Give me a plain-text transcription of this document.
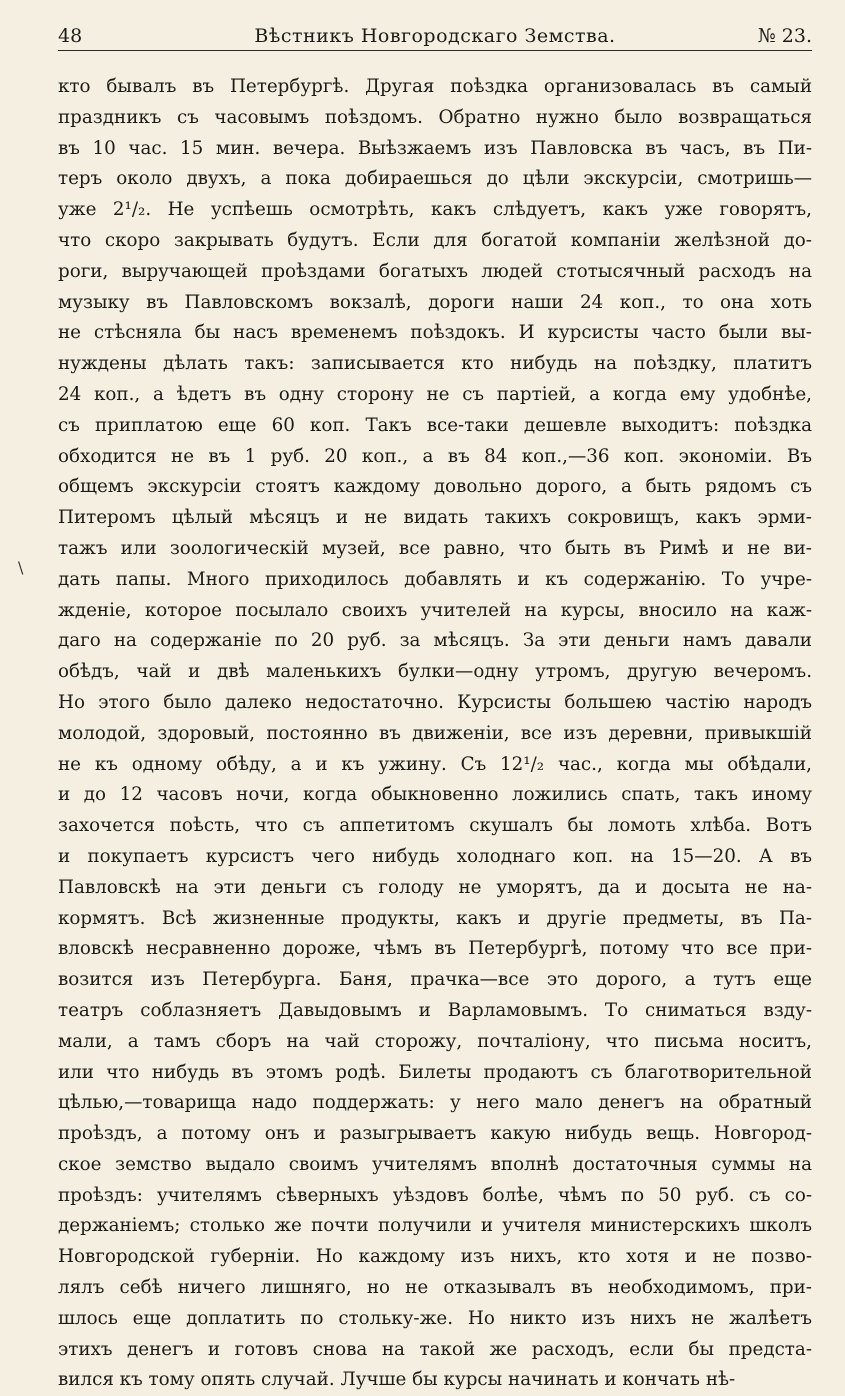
48	Вѣстникъ Новгородскаго Земства.	№ 23.
\
кто бывалъ въ Петербургѣ. Другая поѣздка организовалась въ самый
праздникъ съ часовымъ поѣздомъ. Обратно нужно было возвращаться
въ 10 час. 15 мин. вечера. Выѣзжаемъ изъ Павловска въ часъ, въ Пи-
теръ около двухъ, а пока добираешься до цѣли экскурсіи, смотришь—
уже 2¹/₂. Не успѣешь осмотрѣть, какъ слѣдуетъ, какъ уже говорятъ,
что скоро закрывать будутъ. Если для богатой компаніи желѣзной до-
роги, выручающей проѣздами богатыхъ людей стотысячный расходъ на
музыку въ Павловскомъ вокзалѣ, дороги наши 24 коп., то она хоть
не стѣсняла бы насъ временемъ поѣздокъ. И курсисты часто были вы-
нуждены дѣлать такъ: записывается кто нибудь на поѣздку, платитъ
24 коп., а ѣдетъ въ одну сторону не съ партіей, а когда ему удобнѣе,
съ приплатою еще 60 коп. Такъ все-таки дешевле выходитъ: поѣздка
обходится не въ 1 руб. 20 коп., а въ 84 коп.,—36 коп. экономіи. Въ
общемъ экскурсіи стоятъ каждому довольно дорого, а быть рядомъ съ
Питеромъ цѣлый мѣсяцъ и не видать такихъ сокровищъ, какъ эрми-
тажъ или зоологическій музей, все равно, что быть въ Римѣ и не ви-
дать папы. Много приходилось добавлять и къ содержанію. То учре-
жденіе, которое посылало своихъ учителей на курсы, вносило на каж-
даго на содержаніе по 20 руб. за мѣсяцъ. За эти деньги намъ давали
обѣдъ, чай и двѣ маленькихъ булки—одну утромъ, другую вечеромъ.
Но этого было далеко недостаточно. Курсисты большею частію народъ
молодой, здоровый, постоянно въ движеніи, все изъ деревни, привыкшій
не къ одному обѣду, а и къ ужину. Съ 12¹/₂ час., когда мы обѣдали,
и до 12 часовъ ночи, когда обыкновенно ложились спать, такъ иному
захочется поѣсть, что съ аппетитомъ скушалъ бы ломоть хлѣба. Вотъ
и покупаетъ курсистъ чего нибудь холоднаго коп. на 15—20. А въ
Павловскѣ на эти деньги съ голоду не уморятъ, да и досыта не на-
кормятъ. Всѣ жизненные продукты, какъ и другіе предметы, въ Па-
вловскѣ несравненно дороже, чѣмъ въ Петербургѣ, потому что все при-
возится изъ Петербурга. Баня, прачка—все это дорого, а тутъ еще
театръ соблазняетъ Давыдовымъ и Варламовымъ. То сниматься взду-
мали, а тамъ сборъ на чай сторожу, почталіону, что письма носитъ,
или что нибудь въ этомъ родѣ. Билеты продаютъ съ благотворительной
цѣлью,—товарища надо поддержать: у него мало денегъ на обратный
проѣздъ, а потому онъ и разыгрываетъ какую нибудь вещь. Новгород-
ское земство выдало своимъ учителямъ вполнѣ достаточныя суммы на
проѣздъ: учителямъ сѣверныхъ уѣздовъ болѣе, чѣмъ по 50 руб. съ со-
держаніемъ; столько же почти получили и учителя министерскихъ школъ
Новгородской губерніи. Но каждому изъ нихъ, кто хотя и не позво-
лялъ себѣ ничего лишняго, но не отказывалъ въ необходимомъ, при-
шлось еще доплатить по стольку-же. Но никто изъ нихъ не жалѣетъ
этихъ денегъ и готовъ снова на такой же расходъ, если бы предста-
вился къ тому опять случай. Лучше бы курсы начинать и кончать нѣ-
